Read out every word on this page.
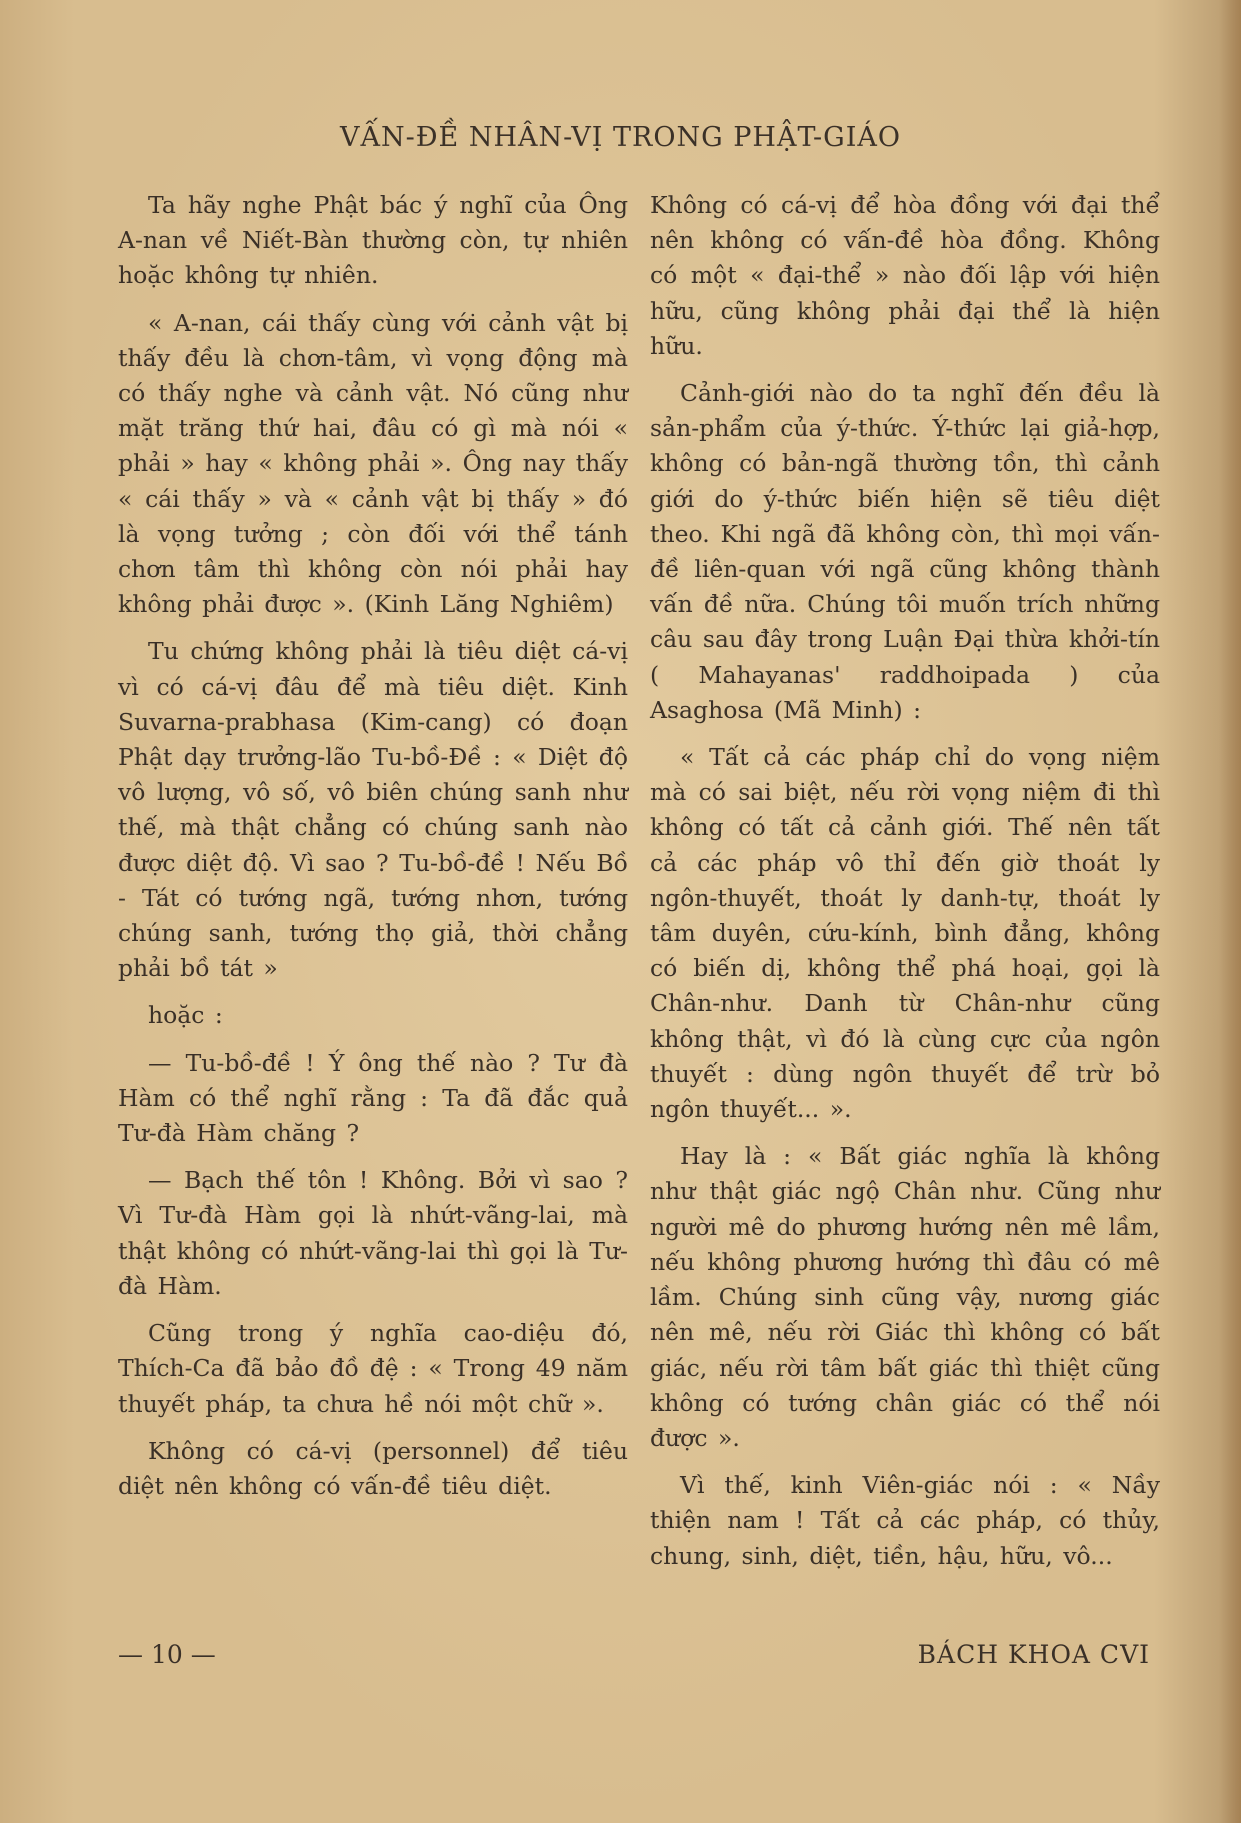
VẤN-ĐỀ NHÂN-VỊ TRONG PHẬT-GIÁO

Ta hãy nghe Phật bác ý nghĩ của Ông A-nan về Niết-Bàn thường còn, tự nhiên hoặc không tự nhiên.

« A-nan, cái thấy cùng với cảnh vật bị thấy đều là chơn-tâm, vì vọng động mà có thấy nghe và cảnh vật. Nó cũng như mặt trăng thứ hai, đâu có gì mà nói « phải » hay « không phải ». Ông nay thấy « cái thấy » và « cảnh vật bị thấy » đó là vọng tưởng ; còn đối với thể tánh chơn tâm thì không còn nói phải hay không phải được ». (Kinh Lăng Nghiêm)

Tu chứng không phải là tiêu diệt cá-vị vì có cá-vị đâu để mà tiêu diệt. Kinh Suvarna-prabhasa (Kim-cang) có đoạn Phật dạy trưởng-lão Tu-bồ-Đề : « Diệt độ vô lượng, vô số, vô biên chúng sanh như thế, mà thật chẳng có chúng sanh nào được diệt độ. Vì sao ? Tu-bồ-đề ! Nếu Bồ - Tát có tướng ngã, tướng nhơn, tướng chúng sanh, tướng thọ giả, thời chẳng phải bồ tát »

hoặc :

— Tu-bồ-đề ! Ý ông thế nào ? Tư đà Hàm có thể nghĩ rằng : Ta đã đắc quả Tư-đà Hàm chăng ?

— Bạch thế tôn ! Không. Bởi vì sao ? Vì Tư-đà Hàm gọi là nhứt-vãng-lai, mà thật không có nhứt-vãng-lai thì gọi là Tư-đà Hàm.

Cũng trong ý nghĩa cao-diệu đó, Thích-Ca đã bảo đồ đệ : « Trong 49 năm thuyết pháp, ta chưa hề nói một chữ ».

Không có cá-vị (personnel) để tiêu diệt nên không có vấn-đề tiêu diệt.

Không có cá-vị để hòa đồng với đại thể nên không có vấn-đề hòa đồng. Không có một « đại-thể » nào đối lập với hiện hữu, cũng không phải đại thể là hiện hữu.

Cảnh-giới nào do ta nghĩ đến đều là sản-phẩm của ý-thức. Ý-thức lại giả-hợp, không có bản-ngã thường tồn, thì cảnh giới do ý-thức biến hiện sẽ tiêu diệt theo. Khi ngã đã không còn, thì mọi vấn-đề liên-quan với ngã cũng không thành vấn đề nữa. Chúng tôi muốn trích những câu sau đây trong Luận Đại thừa khởi-tín ( Mahayanas' raddhoipada ) của Asaghosa (Mã Minh) :

« Tất cả các pháp chỉ do vọng niệm mà có sai biệt, nếu rời vọng niệm đi thì không có tất cả cảnh giới. Thế nên tất cả các pháp vô thỉ đến giờ thoát ly ngôn-thuyết, thoát ly danh-tự, thoát ly tâm duyên, cứu-kính, bình đẳng, không có biến dị, không thể phá hoại, gọi là Chân-như. Danh từ Chân-như cũng không thật, vì đó là cùng cực của ngôn thuyết : dùng ngôn thuyết để trừ bỏ ngôn thuyết... ».

Hay là : « Bất giác nghĩa là không như thật giác ngộ Chân như. Cũng như người mê do phương hướng nên mê lầm, nếu không phương hướng thì đâu có mê lầm. Chúng sinh cũng vậy, nương giác nên mê, nếu rời Giác thì không có bất giác, nếu rời tâm bất giác thì thiệt cũng không có tướng chân giác có thể nói được ».

Vì thế, kinh Viên-giác nói : « Nầy thiện nam ! Tất cả các pháp, có thủy, chung, sinh, diệt, tiền, hậu, hữu, vô...

— 10 —	BÁCH KHOA CVI
